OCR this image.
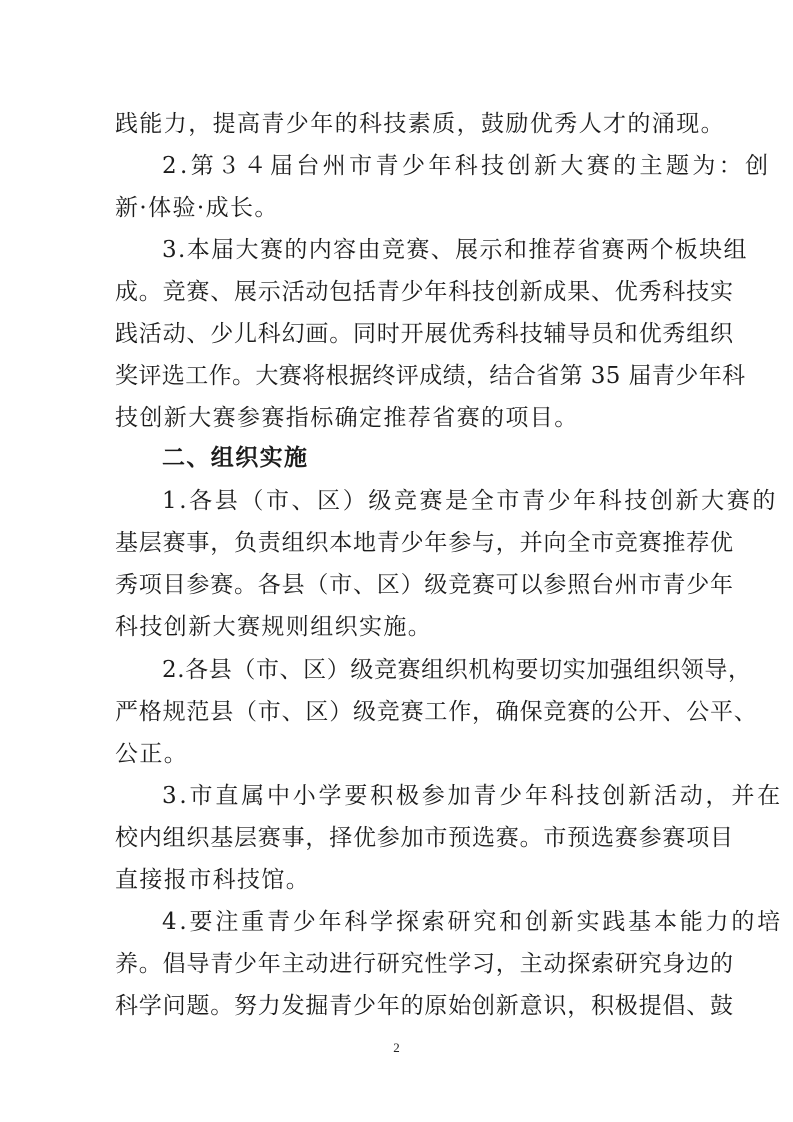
践能力，提高青少年的科技素质，鼓励优秀人才的涌现。

2.第３４届台州市青少年科技创新大赛的主题为：创

新·体验·成长。

3.本届大赛的内容由竞赛、展示和推荐省赛两个板块组

成。竞赛、展示活动包括青少年科技创新成果、优秀科技实

践活动、少儿科幻画。同时开展优秀科技辅导员和优秀组织

奖评选工作。大赛将根据终评成绩，结合省第 35 届青少年科

技创新大赛参赛指标确定推荐省赛的项目。

二、组织实施

1.各县（市、区）级竞赛是全市青少年科技创新大赛的

基层赛事，负责组织本地青少年参与，并向全市竞赛推荐优

秀项目参赛。各县（市、区）级竞赛可以参照台州市青少年

科技创新大赛规则组织实施。

2.各县（市、区）级竞赛组织机构要切实加强组织领导，

严格规范县（市、区）级竞赛工作，确保竞赛的公开、公平、

公正。

3.市直属中小学要积极参加青少年科技创新活动，并在

校内组织基层赛事，择优参加市预选赛。市预选赛参赛项目

直接报市科技馆。

4.要注重青少年科学探索研究和创新实践基本能力的培

养。倡导青少年主动进行研究性学习，主动探索研究身边的

科学问题。努力发掘青少年的原始创新意识，积极提倡、鼓

2
